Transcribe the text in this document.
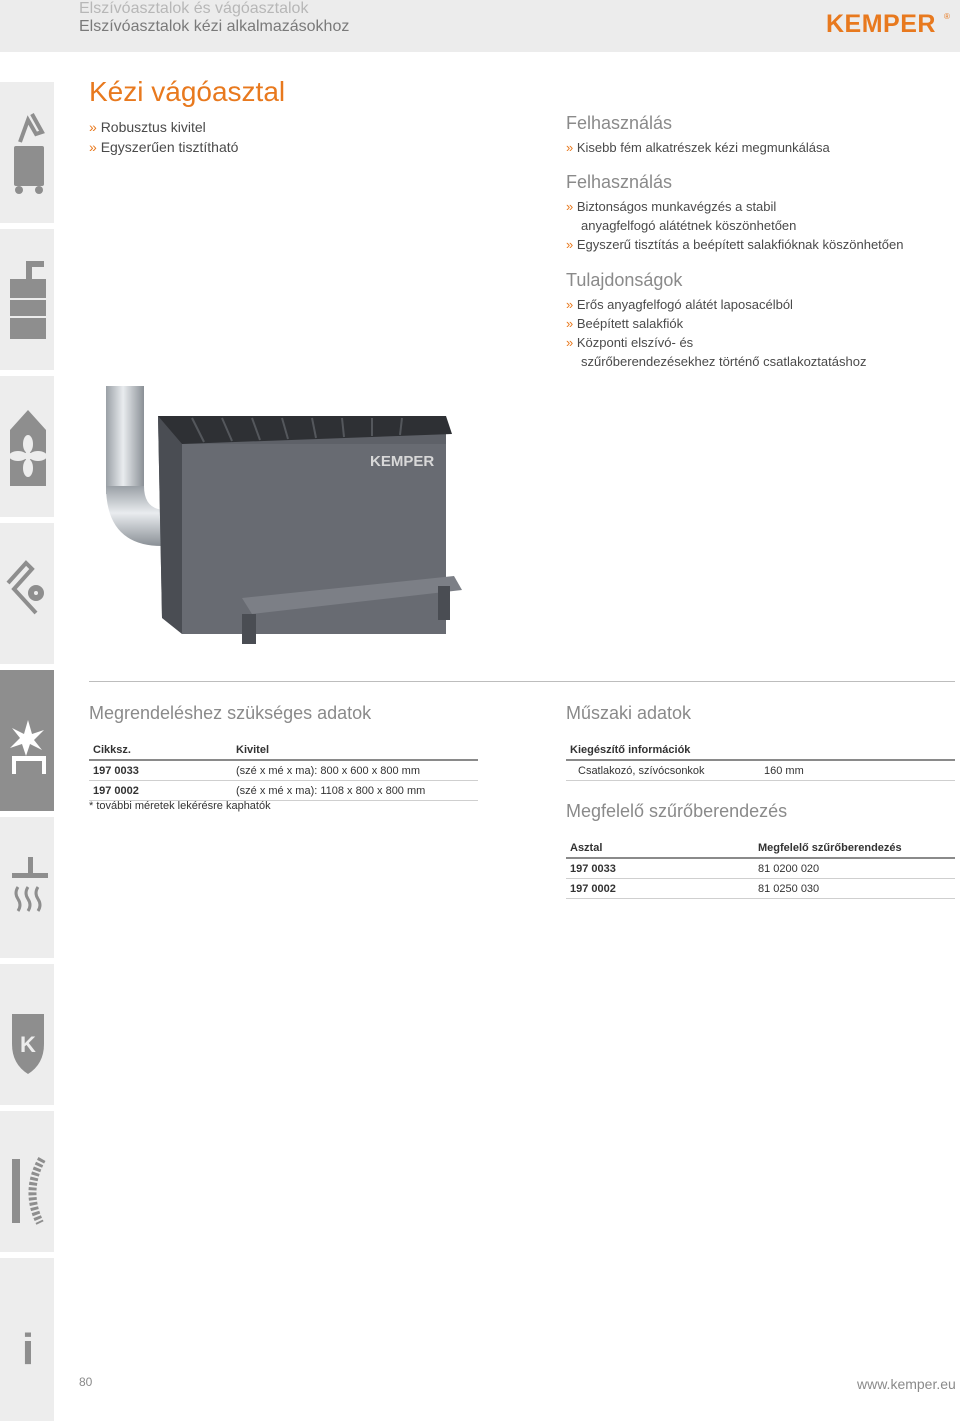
Elszívóasztalok és vágóasztalok
Elszívóasztalok kézi alkalmazásokhoz	KEMPER ®
K
i
Kézi vágóasztal
» Robusztus kivitel
» Egyszerűen tisztítható
Felhasználás
» Kisebb fém alkatrészek kézi megmunkálása
Felhasználás
» Biztonságos munkavégzés a stabil
anyagfelfogó alátétnek köszönhetően
» Egyszerű tisztítás a beépített salakfióknak köszönhetően
Tulajdonságok
» Erős anyagfelfogó alátét laposacélból
» Beépített salakfiók
» Központi elszívó- és
szűrőberendezésekhez történő csatlakoztatáshoz
KEMPER
Megrendeléshez szükséges adatok
Cikksz.	Kivitel
197 0033	(szé x mé x ma): 800 x 600 x 800 mm
197 0002	(szé x mé x ma): 1108 x 800 x 800 mm
* további méretek lekérésre kaphatók
Műszaki adatok
Kiegészítő információk	
Csatlakozó, szívócsonkok	160 mm
Megfelelő szűrőberendezés
Asztal	Megfelelő szűrőberendezés
197 0033	81 0200 020
197 0002	81 0250 030
80	www.kemper.eu
